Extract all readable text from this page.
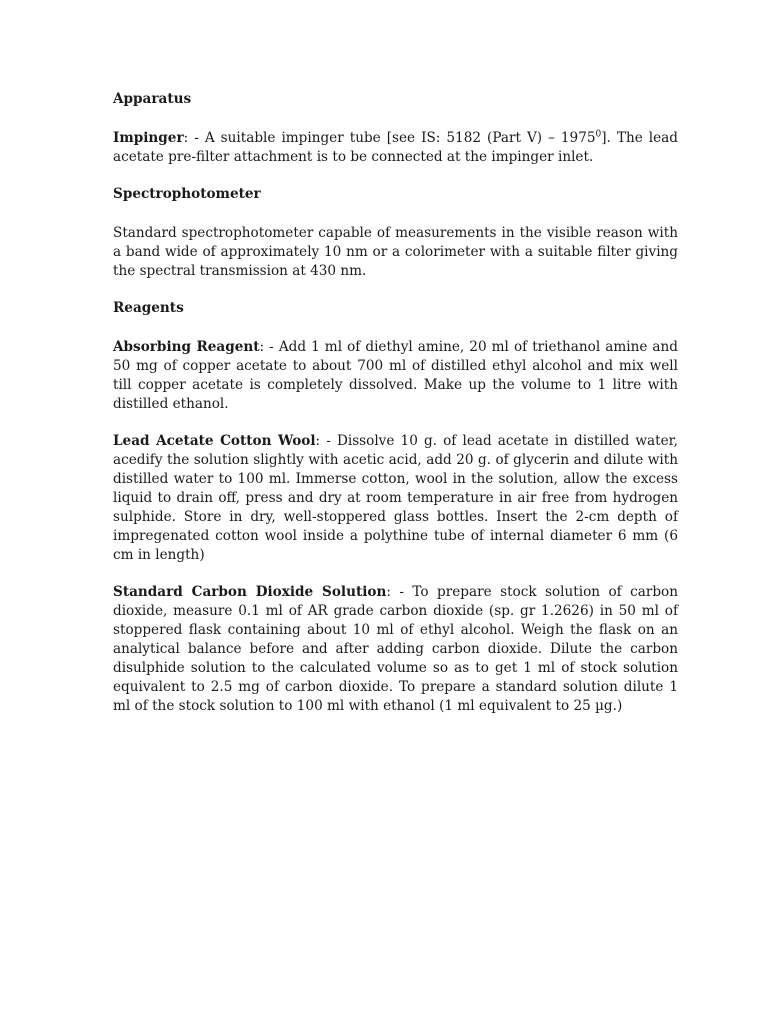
Apparatus

Impinger: - A suitable impinger tube [see IS: 5182 (Part V) – 1975$^0$]. The lead acetate pre-filter attachment is to be connected at the impinger inlet.

Spectrophotometer

Standard spectrophotometer capable of measurements in the visible reason with a band wide of approximately 10 nm or a colorimeter with a suitable filter giving the spectral transmission at 430 nm.

Reagents

Absorbing Reagent: - Add 1 ml of diethyl amine, 20 ml of triethanol amine and 50 mg of copper acetate to about 700 ml of distilled ethyl alcohol and mix well till copper acetate is completely dissolved. Make up the volume to 1 litre with distilled ethanol.

Lead Acetate Cotton Wool: - Dissolve 10 g. of lead acetate in distilled water, acedify the solution slightly with acetic acid, add 20 g. of glycerin and dilute with distilled water to 100 ml. Immerse cotton, wool in the solution, allow the excess liquid to drain off, press and dry at room temperature in air free from hydrogen sulphide. Store in dry, well-stoppered glass bottles. Insert the 2-cm depth of impregenated cotton wool inside a polythine tube of internal diameter 6 mm (6 cm in length)

Standard Carbon Dioxide Solution: - To prepare stock solution of carbon dioxide, measure 0.1 ml of AR grade carbon dioxide (sp. gr 1.2626) in 50 ml of stoppered flask containing about 10 ml of ethyl alcohol. Weigh the flask on an analytical balance before and after adding carbon dioxide. Dilute the carbon disulphide solution to the calculated volume so as to get 1 ml of stock solution equivalent to 2.5 mg of carbon dioxide. To prepare a standard solution dilute 1 ml of the stock solution to 100 ml with ethanol (1 ml equivalent to 25 µg.)
